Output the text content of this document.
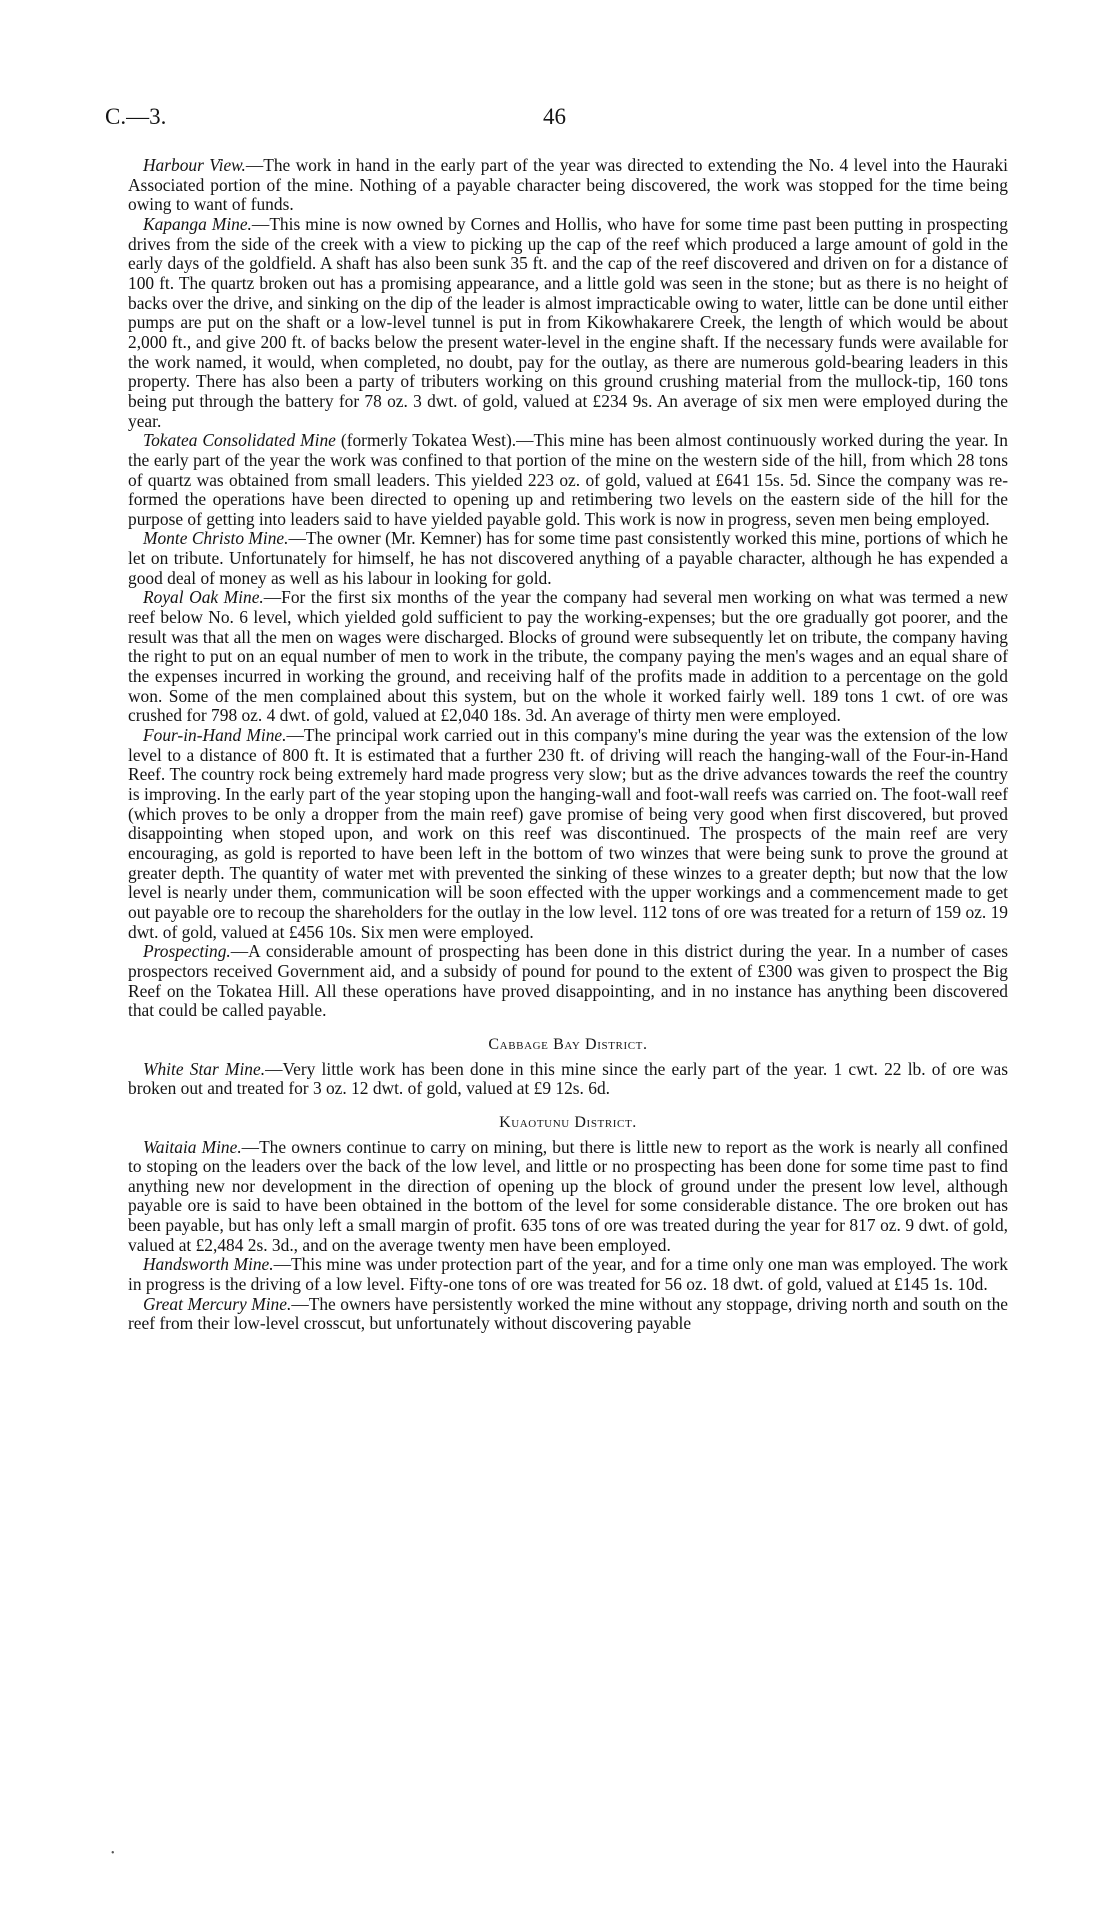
C.—3.	46

Harbour View.—The work in hand in the early part of the year was directed to extending the No. 4 level into the Hauraki Associated portion of the mine. Nothing of a payable character being discovered, the work was stopped for the time being owing to want of funds.

Kapanga Mine.—This mine is now owned by Cornes and Hollis, who have for some time past been putting in prospecting drives from the side of the creek with a view to picking up the cap of the reef which produced a large amount of gold in the early days of the goldfield. A shaft has also been sunk 35 ft. and the cap of the reef discovered and driven on for a distance of 100 ft. The quartz broken out has a promising appearance, and a little gold was seen in the stone; but as there is no height of backs over the drive, and sinking on the dip of the leader is almost impracticable owing to water, little can be done until either pumps are put on the shaft or a low-level tunnel is put in from Kikowhakarere Creek, the length of which would be about 2,000 ft., and give 200 ft. of backs below the present water-level in the engine shaft. If the necessary funds were available for the work named, it would, when completed, no doubt, pay for the outlay, as there are numerous gold-bearing leaders in this property. There has also been a party of tributers working on this ground crushing material from the mullock-tip, 160 tons being put through the battery for 78 oz. 3 dwt. of gold, valued at £234 9s. An average of six men were employed during the year.

Tokatea Consolidated Mine (formerly Tokatea West).—This mine has been almost continuously worked during the year. In the early part of the year the work was confined to that portion of the mine on the western side of the hill, from which 28 tons of quartz was obtained from small leaders. This yielded 223 oz. of gold, valued at £641 15s. 5d. Since the company was re-formed the operations have been directed to opening up and retimbering two levels on the eastern side of the hill for the purpose of getting into leaders said to have yielded payable gold. This work is now in progress, seven men being employed.

Monte Christo Mine.—The owner (Mr. Kemner) has for some time past consistently worked this mine, portions of which he let on tribute. Unfortunately for himself, he has not discovered anything of a payable character, although he has expended a good deal of money as well as his labour in looking for gold.

Royal Oak Mine.—For the first six months of the year the company had several men working on what was termed a new reef below No. 6 level, which yielded gold sufficient to pay the working-expenses; but the ore gradually got poorer, and the result was that all the men on wages were discharged. Blocks of ground were subsequently let on tribute, the company having the right to put on an equal number of men to work in the tribute, the company paying the men's wages and an equal share of the expenses incurred in working the ground, and receiving half of the profits made in addition to a percentage on the gold won. Some of the men complained about this system, but on the whole it worked fairly well. 189 tons 1 cwt. of ore was crushed for 798 oz. 4 dwt. of gold, valued at £2,040 18s. 3d. An average of thirty men were employed.

Four-in-Hand Mine.—The principal work carried out in this company's mine during the year was the extension of the low level to a distance of 800 ft. It is estimated that a further 230 ft. of driving will reach the hanging-wall of the Four-in-Hand Reef. The country rock being extremely hard made progress very slow; but as the drive advances towards the reef the country is improving. In the early part of the year stoping upon the hanging-wall and foot-wall reefs was carried on. The foot-wall reef (which proves to be only a dropper from the main reef) gave promise of being very good when first discovered, but proved disappointing when stoped upon, and work on this reef was discontinued. The prospects of the main reef are very encouraging, as gold is reported to have been left in the bottom of two winzes that were being sunk to prove the ground at greater depth. The quantity of water met with prevented the sinking of these winzes to a greater depth; but now that the low level is nearly under them, communication will be soon effected with the upper workings and a commencement made to get out payable ore to recoup the shareholders for the outlay in the low level. 112 tons of ore was treated for a return of 159 oz. 19 dwt. of gold, valued at £456 10s. Six men were employed.

Prospecting.—A considerable amount of prospecting has been done in this district during the year. In a number of cases prospectors received Government aid, and a subsidy of pound for pound to the extent of £300 was given to prospect the Big Reef on the Tokatea Hill. All these operations have proved disappointing, and in no instance has anything been discovered that could be called payable.

Cabbage Bay District.

White Star Mine.—Very little work has been done in this mine since the early part of the year. 1 cwt. 22 lb. of ore was broken out and treated for 3 oz. 12 dwt. of gold, valued at £9 12s. 6d.

Kuaotunu District.

Waitaia Mine.—The owners continue to carry on mining, but there is little new to report as the work is nearly all confined to stoping on the leaders over the back of the low level, and little or no prospecting has been done for some time past to find anything new nor development in the direction of opening up the block of ground under the present low level, although payable ore is said to have been obtained in the bottom of the level for some considerable distance. The ore broken out has been payable, but has only left a small margin of profit. 635 tons of ore was treated during the year for 817 oz. 9 dwt. of gold, valued at £2,484 2s. 3d., and on the average twenty men have been employed.

Handsworth Mine.—This mine was under protection part of the year, and for a time only one man was employed. The work in progress is the driving of a low level. Fifty-one tons of ore was treated for 56 oz. 18 dwt. of gold, valued at £145 1s. 10d.

Great Mercury Mine.—The owners have persistently worked the mine without any stoppage, driving north and south on the reef from their low-level crosscut, but unfortunately without discovering payable

•
